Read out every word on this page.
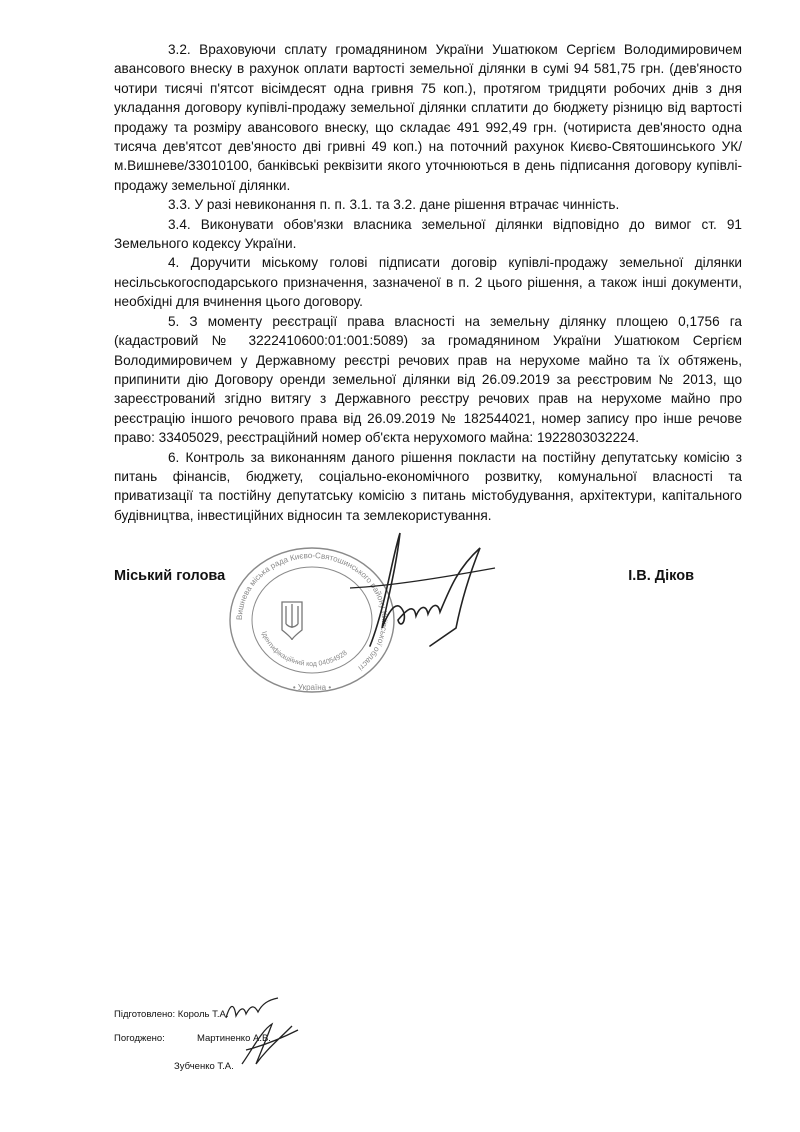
3.2. Враховуючи сплату громадянином України Ушатюком Сергієм Володимировичем авансового внеску в рахунок оплати вартості земельної ділянки в сумі 94 581,75 грн. (дев'яносто чотири тисячі п'ятсот вісімдесят одна гривня 75 коп.), протягом тридцяти робочих днів з дня укладання договору купівлі-продажу земельної ділянки сплатити до бюджету різницю від вартості продажу та розміру авансового внеску, що складає 491 992,49 грн. (чотириста дев'яносто одна тисяча дев'ятсот дев'яносто дві гривні 49 коп.) на поточний рахунок Києво-Святошинського УК/м.Вишневе/33010100, банківські реквізити якого уточнюються в день підписання договору купівлі-продажу земельної ділянки.

3.3. У разі невиконання п. п. 3.1. та 3.2. дане рішення втрачає чинність.

3.4. Виконувати обов'язки власника земельної ділянки відповідно до вимог ст. 91 Земельного кодексу України.

4. Доручити міському голові підписати договір купівлі-продажу земельної ділянки несільськогосподарського призначення, зазначеної в п. 2 цього рішення, а також інші документи, необхідні для вчинення цього договору.

5. З моменту реєстрації права власності на земельну ділянку площею 0,1756 га (кадастровий № 3222410600:01:001:5089) за громадянином України Ушатюком Сергієм Володимировичем у Державному реєстрі речових прав на нерухоме майно та їх обтяжень, припинити дію Договору оренди земельної ділянки від 26.09.2019 за реєстровим № 2013, що зареєстрований згідно витягу з Державного реєстру речових прав на нерухоме майно про реєстрацію іншого речового права від 26.09.2019 № 182544021, номер запису про інше речове право: 33405029, реєстраційний номер об'єкта нерухомого майна: 1922803032224.

6. Контроль за виконанням даного рішення покласти на постійну депутатську комісію з питань фінансів, бюджету, соціально-економічного розвитку, комунальної власності та приватизації та постійну депутатську комісію з питань містобудування, архітектури, капітального будівництва, інвестиційних відносин та землекористування.

Вишнева міська рада Києво-Святошинського району Київської області
Ідентифікаційний код 04054928
• Україна •
Міський голова	І.В. Діков
Підготовлено: Король Т.А.
Погоджено:	Мартиненко А.В.
Зубченко Т.А.
